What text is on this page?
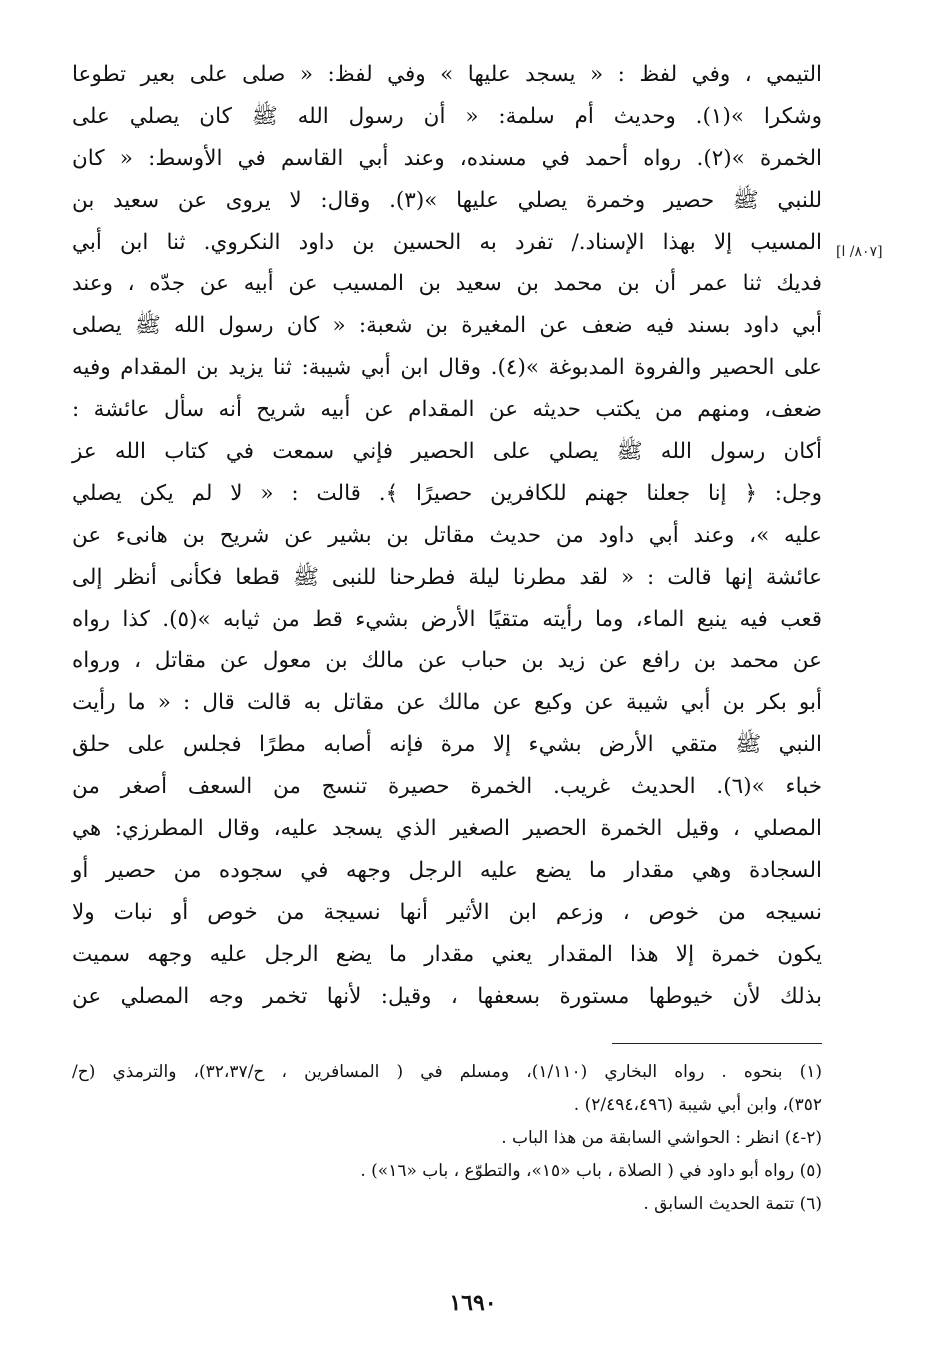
[٨٠٧/ ا]
التيمي ، وفي لفظ : « يسجد عليها » وفي لفظ: « صلى على بعير تطوعا
وشكرا »(١). وحديث أم سلمة: « أن رسول الله ﷺ كان يصلي على
الخمرة »(٢). رواه أحمد في مسنده، وعند أبي القاسم في الأوسط: « كان
للنبي ﷺ حصير وخمرة يصلي عليها »(٣). وقال: لا يروى عن سعيد بن
المسيب إلا بهذا الإسناد./ تفرد به الحسين بن داود النكروي. ثنا ابن أبي
فديك ثنا عمر أن بن محمد بن سعيد بن المسيب عن أبيه عن جدّه ، وعند
أبي داود بسند فيه ضعف عن المغيرة بن شعبة: « كان رسول الله ﷺ يصلى
على الحصير والفروة المدبوغة »(٤). وقال ابن أبي شيبة: ثنا يزيد بن المقدام وفيه
ضعف، ومنهم من يكتب حديثه عن المقدام عن أبيه شريح أنه سأل عائشة :
أكان رسول الله ﷺ يصلي على الحصير فإني سمعت في كتاب الله عز
وجل: ﴿ إنا جعلنا جهنم للكافرين حصيرًا ﴾. قالت : « لا لم يكن يصلي
عليه »، وعند أبي داود من حديث مقاتل بن بشير عن شريح بن هانىء عن
عائشة إنها قالت : « لقد مطرنا ليلة فطرحنا للنبى ﷺ قطعا فكأنى أنظر إلى
قعب فيه ينبع الماء، وما رأيته متقيًا الأرض بشيء قط من ثيابه »(٥). كذا رواه
عن محمد بن رافع عن زيد بن حباب عن مالك بن معول عن مقاتل ، ورواه
أبو بكر بن أبي شيبة عن وكيع عن مالك عن مقاتل به قالت قال : « ما رأيت
النبي ﷺ متقي الأرض بشيء إلا مرة فإنه أصابه مطرًا فجلس على حلق
خباء »(٦). الحديث غريب. الخمرة حصيرة تنسج من السعف أصغر من
المصلي ، وقيل الخمرة الحصير الصغير الذي يسجد عليه، وقال المطرزي: هي
السجادة وهي مقدار ما يضع عليه الرجل وجهه في سجوده من حصير أو
نسيجه من خوص ، وزعم ابن الأثير أنها نسيجة من خوص أو نبات ولا
يكون خمرة إلا هذا المقدار يعني مقدار ما يضع الرجل عليه وجهه سميت
بذلك لأن خيوطها مستورة بسعفها ، وقيل: لأنها تخمر وجه المصلي عن
(١) بنحوه . رواه البخاري (١/١١٠)، ومسلم في ( المسافرين ، ح/٣٢،٣٧)، والترمذي (ح/
٣٥٢)، وابن أبي شيبة (٢/٤٩٤،٤٩٦) .
(٢-٤) انظر : الحواشي السابقة من هذا الباب .
(٥) رواه أبو داود في ( الصلاة ، باب «١٥»، والتطوّع ، باب «١٦») .
(٦) تتمة الحديث السابق .
١٦٩٠
